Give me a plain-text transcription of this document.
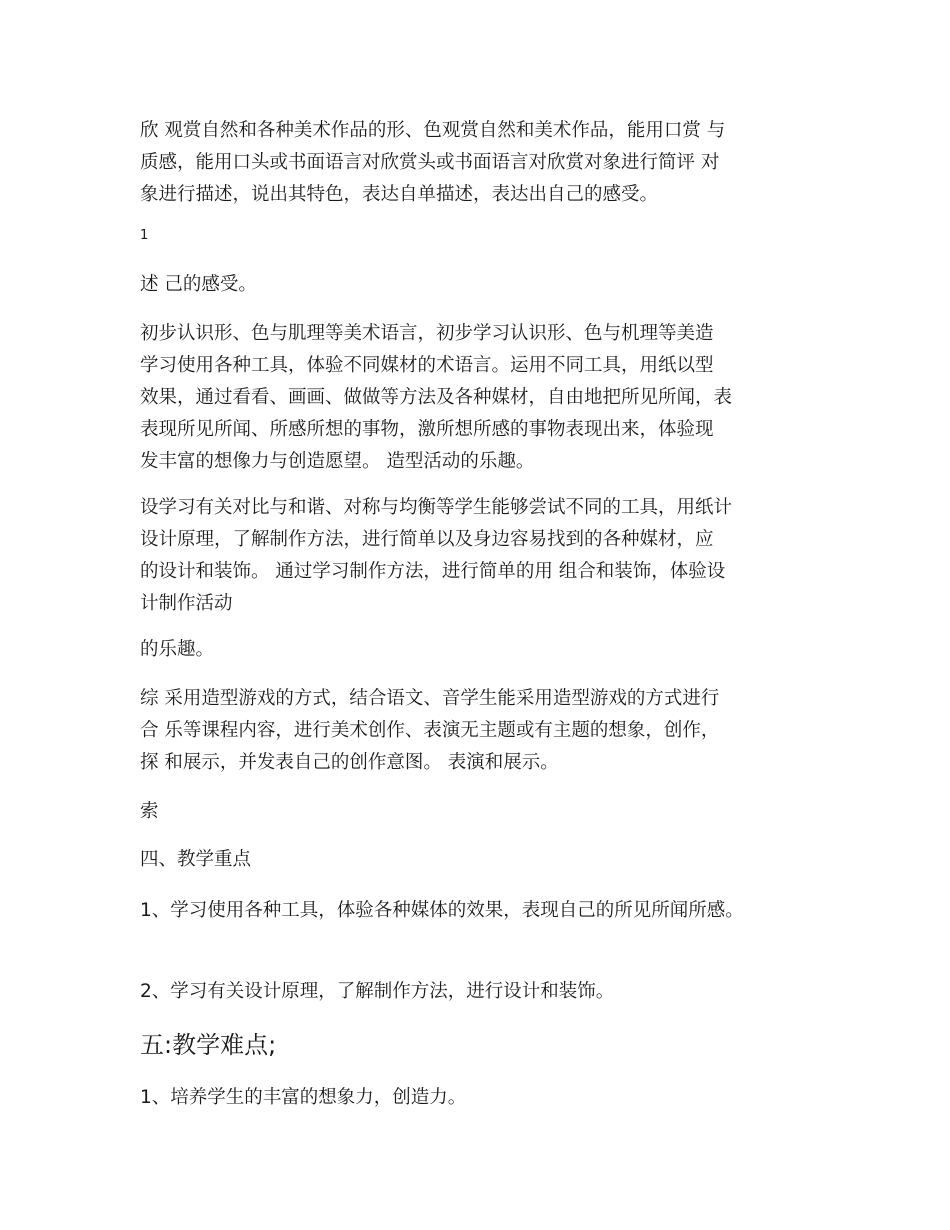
欣 观赏自然和各种美术作品的形、色观赏自然和美术作品，能用口赏 与
质感，能用口头或书面语言对欣赏头或书面语言对欣赏对象进行简评 对
象进行描述，说出其特色，表达自单描述，表达出自己的感受。
1
述 己的感受。
初步认识形、色与肌理等美术语言，初步学习认识形、色与机理等美造
学习使用各种工具，体验不同媒材的术语言。运用不同工具，用纸以型
效果，通过看看、画画、做做等方法及各种媒材，自由地把所见所闻，表
表现所见所闻、所感所想的事物，激所想所感的事物表现出来，体验现
发丰富的想像力与创造愿望。 造型活动的乐趣。
设学习有关对比与和谐、对称与均衡等学生能够尝试不同的工具，用纸计
设计原理，了解制作方法，进行简单以及身边容易找到的各种媒材，应
的设计和装饰。 通过学习制作方法，进行简单的用 组合和装饰，体验设
计制作活动
的乐趣。
综 采用造型游戏的方式，结合语文、音学生能采用造型游戏的方式进行
合 乐等课程内容，进行美术创作、表演无主题或有主题的想象，创作，
探 和展示，并发表自己的创作意图。 表演和展示。
索
四、教学重点
1、学习使用各种工具，体验各种媒体的效果，表现自己的所见所闻所感。
2、学习有关设计原理，了解制作方法，进行设计和装饰。
五:教学难点;
1、培养学生的丰富的想象力，创造力。
